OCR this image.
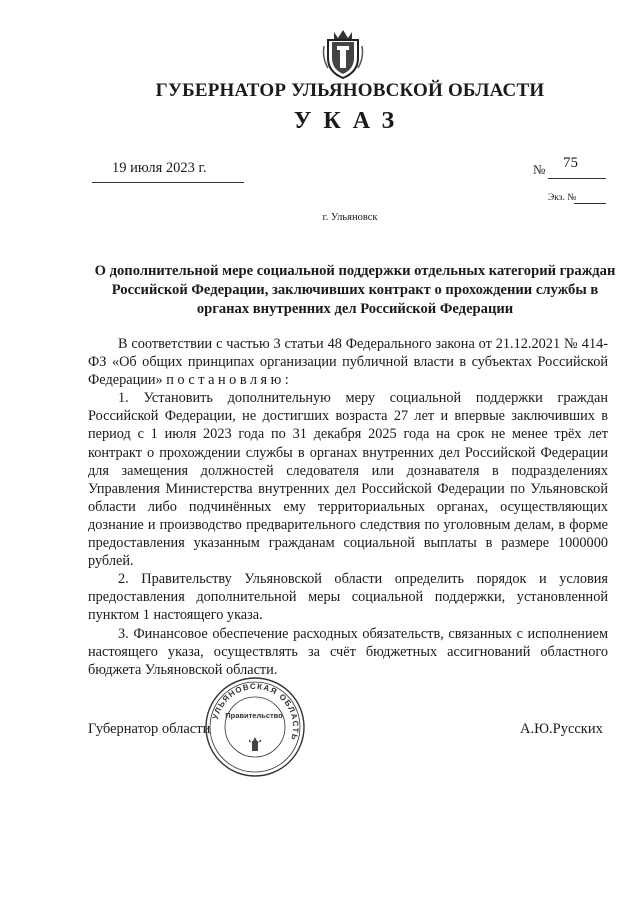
ГУБЕРНАТОР УЛЬЯНОВСКОЙ ОБЛАСТИ
УКАЗ
19 июля 2023 г.	№ 75
Экз. №
г. Ульяновск
О дополнительной мере социальной поддержки отдельных категорий граждан Российской Федерации, заключивших контракт о прохождении службы в органах внутренних дел Российской Федерации

В соответствии с частью 3 статьи 48 Федерального закона от 21.12.2021 № 414-ФЗ «Об общих принципах организации публичной власти в субъектах Российской Федерации» постановляю:

1. Установить дополнительную меру социальной поддержки граждан Российской Федерации, не достигших возраста 27 лет и впервые заключивших в период с 1 июля 2023 года по 31 декабря 2025 года на срок не менее трёх лет контракт о прохождении службы в органах внутренних дел Российской Федерации для замещения должностей следователя или дознавателя в подразделениях Управления Министерства внутренних дел Российской Федерации по Ульяновской области либо подчинённых ему территориальных органах, осуществляющих дознание и производство предварительного следствия по уголовным делам, в форме предоставления указанным гражданам социальной выплаты в размере 1000000 рублей.

2. Правительству Ульяновской области определить порядок и условия предоставления дополнительной меры социальной поддержки, установленной пунктом 1 настоящего указа.

3. Финансовое обеспечение расходных обязательств, связанных с исполнением настоящего указа, осуществлять за счёт бюджетных ассигнований областного бюджета Ульяновской области.

Губернатор области	А.Ю.Русских
УЛЬЯНОВСКАЯ ОБЛАСТЬ
Правительство
